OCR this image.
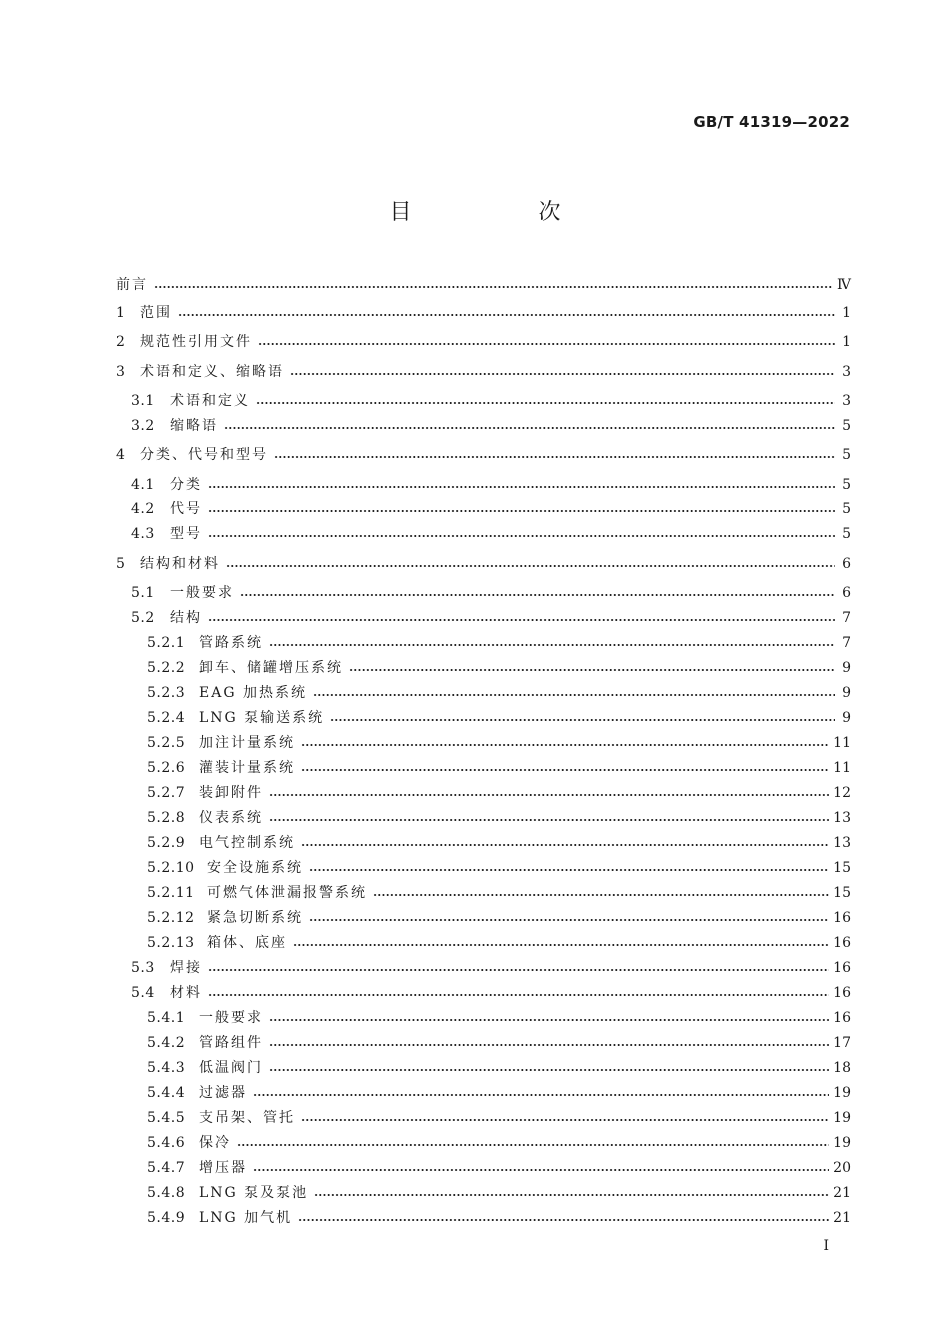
GB/T 41319—2022
目 次
前言	Ⅳ
1	范围	1
2	规范性引用文件	1
3	术语和定义、缩略语	3
3.1	术语和定义	3
3.2	缩略语	5
4	分类、代号和型号	5
4.1	分类	5
4.2	代号	5
4.3	型号	5
5	结构和材料	6
5.1	一般要求	6
5.2	结构	7
5.2.1 管路系统	7
5.2.2 卸车、储罐增压系统	9
5.2.3 EAG 加热系统	9
5.2.4 LNG 泵输送系统	9
5.2.5 加注计量系统	11
5.2.6 灌装计量系统	11
5.2.7 装卸附件	12
5.2.8 仪表系统	13
5.2.9 电气控制系统	13
5.2.10 安全设施系统	15
5.2.11 可燃气体泄漏报警系统	15
5.2.12 紧急切断系统	16
5.2.13 箱体、底座	16
5.3	焊接	16
5.4	材料	16
5.4.1 一般要求	16
5.4.2 管路组件	17
5.4.3 低温阀门	18
5.4.4 过滤器	19
5.4.5 支吊架、管托	19
5.4.6 保冷	19
5.4.7 增压器	20
5.4.8 LNG 泵及泵池	21
5.4.9 LNG 加气机	21
I
